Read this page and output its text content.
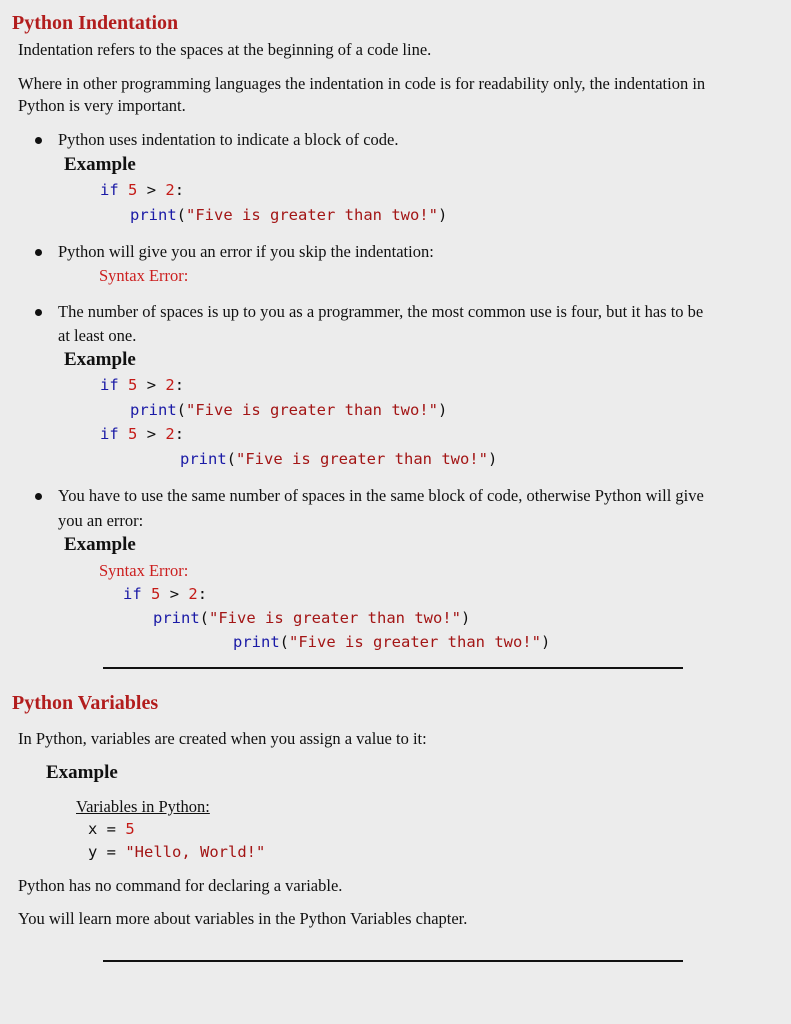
Python Indentation
Indentation refers to the spaces at the beginning of a code line.
Where in other programming languages the indentation in code is for readability only, the indentation in
Python is very important.
Python uses indentation to indicate a block of code.
Example
if 5 > 2:
print("Five is greater than two!")
Python will give you an error if you skip the indentation:
Syntax Error:
The number of spaces is up to you as a programmer, the most common use is four, but it has to be
at least one.
Example
if 5 > 2:
print("Five is greater than two!")
if 5 > 2:
print("Five is greater than two!")
You have to use the same number of spaces in the same block of code, otherwise Python will give
you an error:
Example
Syntax Error:
if 5 > 2:
print("Five is greater than two!")
print("Five is greater than two!")
Python Variables
In Python, variables are created when you assign a value to it:
Example
Variables in Python:
x = 5
y = "Hello, World!"
Python has no command for declaring a variable.
You will learn more about variables in the Python Variables chapter.
